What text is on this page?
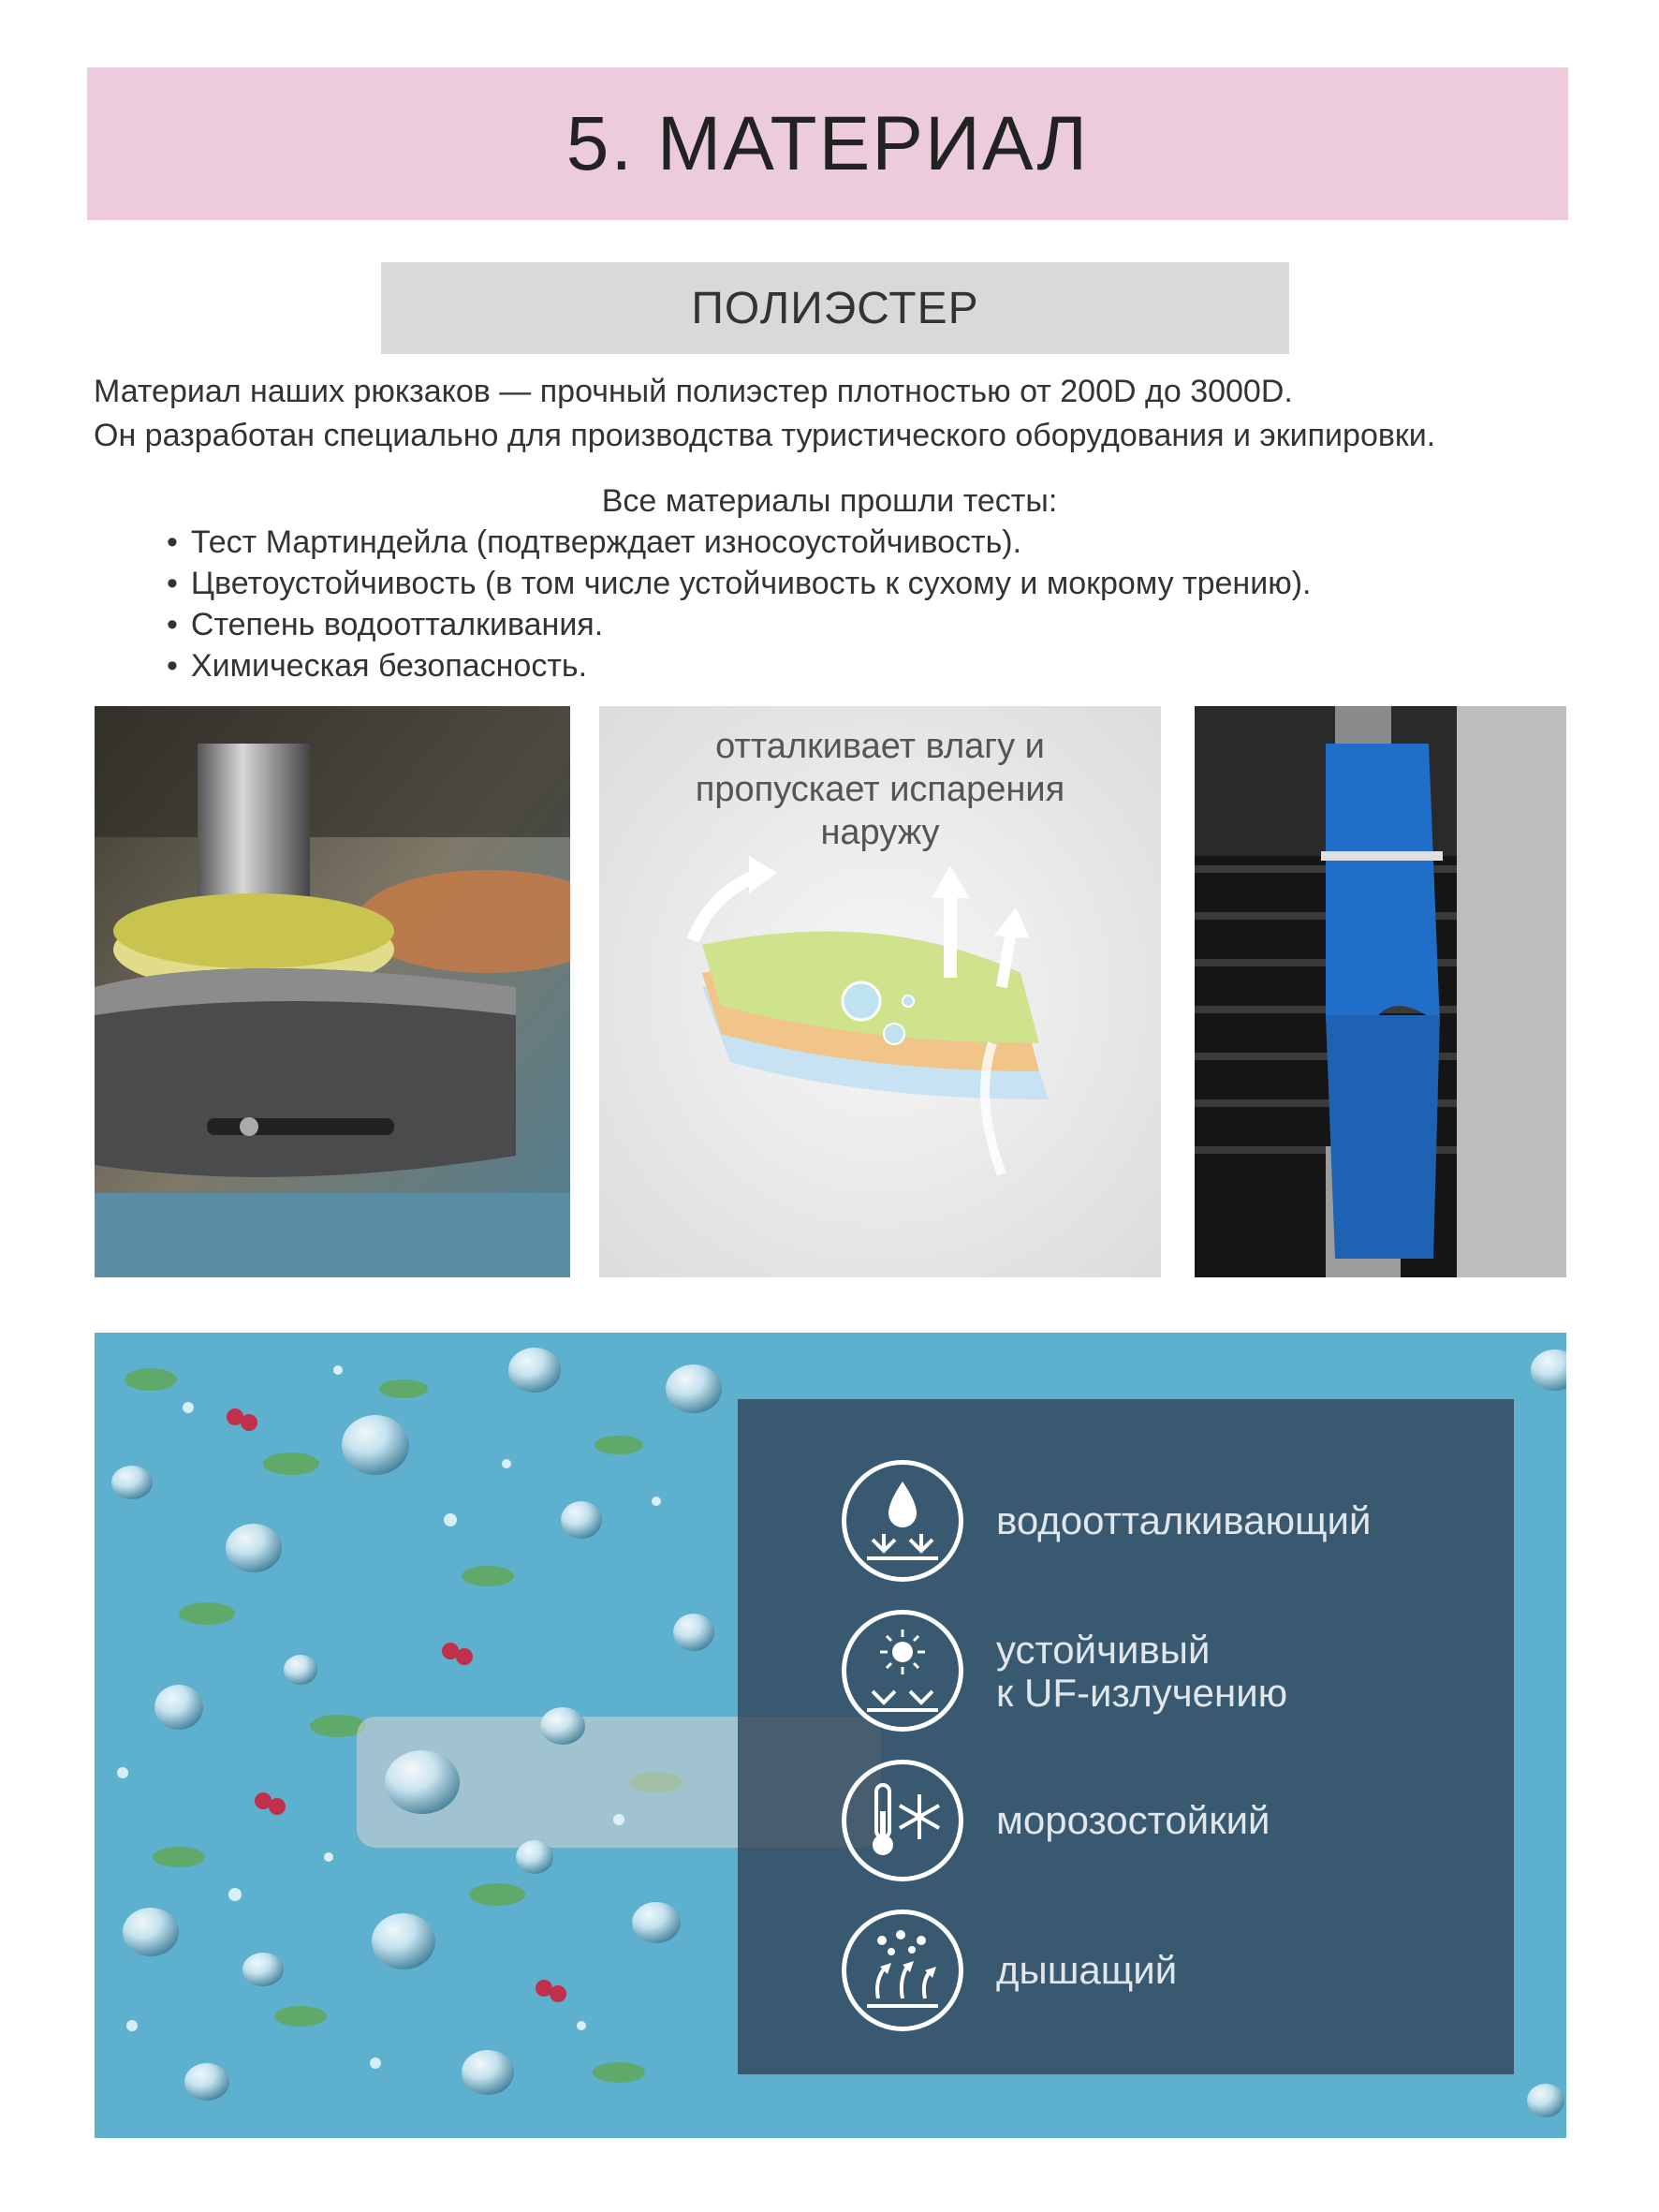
5. МАТЕРИАЛ
ПОЛИЭСТЕР

Материал наших рюкзаков — прочный полиэстер плотностью от 200D до 3000D.

Он разработан специально для производства туристического оборудования и экипировки.

Все материалы прошли тесты:
• Тест Мартиндейла (подтверждает износоустойчивость).
• Цветоустойчивость (в том числе устойчивость к сухому и мокрому трению).
• Степень водоотталкивания.
• Химическая безопасность.
отталкивает влагу и
пропускает испарения
наружу
водоотталкивающий
устойчивый
к UF-излучению
морозостойкий
дышащий
